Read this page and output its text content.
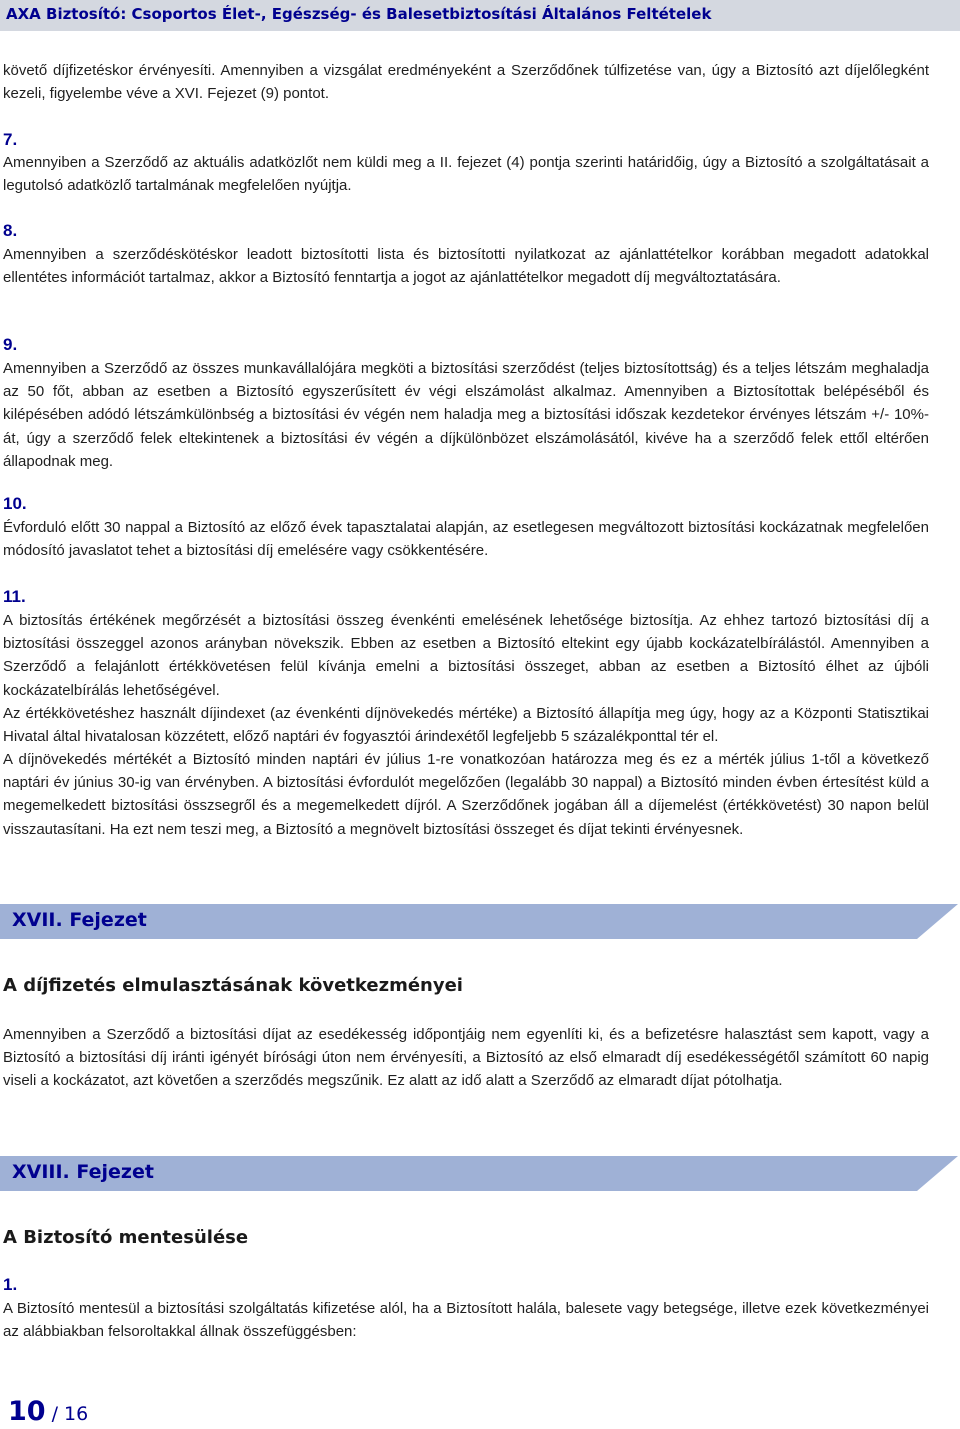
AXA Biztosító: Csoportos Élet-, Egészség- és Balesetbiztosítási Általános Feltételek

követő díjfizetéskor érvényesíti. Amennyiben a vizsgálat eredményeként a Szerződőnek túlfizetése van, úgy a Biztosító azt díjelőlegként kezeli, figyelembe véve a XVI. Fejezet (9) pontot.

7.

Amennyiben a Szerződő az aktuális adatközlőt nem küldi meg a II. fejezet (4) pontja szerinti határidőig, úgy a Biztosító a szolgáltatásait a legutolsó adatközlő tartalmának megfelelően nyújtja.

8.

Amennyiben a szerződéskötéskor leadott biztosítotti lista és biztosítotti nyilatkozat az ajánlattételkor korábban megadott adatokkal ellentétes információt tartalmaz, akkor a Biztosító fenntartja a jogot az ajánlattételkor megadott díj megváltoztatására.

9.

Amennyiben a Szerződő az összes munkavállalójára megköti a biztosítási szerződést (teljes biztosítottság) és a teljes létszám meghaladja az 50 főt, abban az esetben a Biztosító egyszerűsített év végi elszámolást alkalmaz. Amennyiben a Biztosítottak belépéséből és kilépésében adódó létszámkülönbség a biztosítási év végén nem haladja meg a biztosítási időszak kezdetekor érvényes létszám +/- 10%-át, úgy a szerződő felek eltekintenek a biztosítási év végén a díjkülönbözet elszámolásától, kivéve ha a szerződő felek ettől eltérően állapodnak meg.

10.

Évforduló előtt 30 nappal a Biztosító az előző évek tapasztalatai alapján, az esetlegesen megváltozott biztosítási kockázatnak megfelelően módosító javaslatot tehet a biztosítási díj emelésére vagy csökkentésére.

11.

A biztosítás értékének megőrzését a biztosítási összeg évenkénti emelésének lehetősége biztosítja. Az ehhez tartozó biztosítási díj a biztosítási összeggel azonos arányban növekszik. Ebben az esetben a Biztosító eltekint egy újabb kockázatelbírálástól. Amennyiben a Szerződő a felajánlott értékkövetésen felül kívánja emelni a biztosítási összeget, abban az esetben a Biztosító élhet az újbóli kockázatelbírálás lehetőségével.

Az értékkövetéshez használt díjindexet (az évenkénti díjnövekedés mértéke) a Biztosító állapítja meg úgy, hogy az a Központi Statisztikai Hivatal által hivatalosan közzétett, előző naptári év fogyasztói árindexétől legfeljebb 5 százalékponttal tér el.

A díjnövekedés mértékét a Biztosító minden naptári év július 1-re vonatkozóan határozza meg és ez a mérték július 1-től a következő naptári év június 30-ig van érvényben. A biztosítási évfordulót megelőzően (legalább 30 nappal) a Biztosító minden évben értesítést küld a megemelkedett biztosítási összsegről és a megemelkedett díjról. A Szerződőnek jogában áll a díjemelést (értékkövetést) 30 napon belül visszautasítani. Ha ezt nem teszi meg, a Biztosító a megnövelt biztosítási összeget és díjat tekinti érvényesnek.

XVII. Fejezet

A díjfizetés elmulasztásának következményei

Amennyiben a Szerződő a biztosítási díjat az esedékesség időpontjáig nem egyenlíti ki, és a befizetésre halasztást sem kapott, vagy a Biztosító a biztosítási díj iránti igényét bírósági úton nem érvényesíti, a Biztosító az első elmaradt díj esedékességétől számított 60 napig viseli a kockázatot, azt követően a szerződés megszűnik. Ez alatt az idő alatt a Szerződő az elmaradt díjat pótolhatja.

XVIII. Fejezet

A Biztosító mentesülése

1.

A Biztosító mentesül a biztosítási szolgáltatás kifizetése alól, ha a Biztosított halála, balesete vagy betegsége, illetve ezek következményei az alábbiakban felsoroltakkal állnak összefüggésben:

10 / 16
